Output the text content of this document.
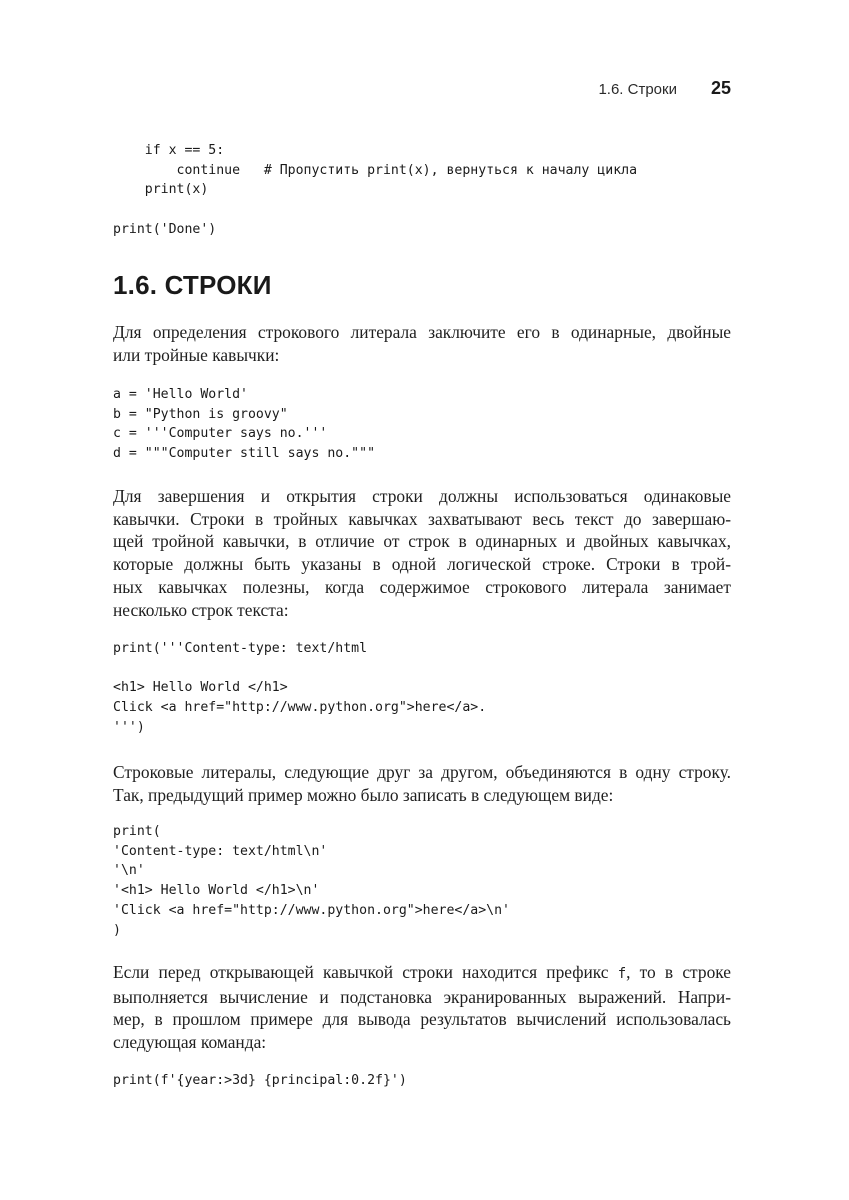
1.6. Строки 25
if x == 5:
continue   # Пропустить print(x), вернуться к началу цикла
print(x)

print('Done')
1.6. СТРОКИ

Для определения строкового литерала заключите его в одинарные, двойные
или тройные кавычки:

a = 'Hello World'
b = "Python is groovy"
c = '''Computer says no.'''
d = """Computer still says no."""

Для завершения и открытия строки должны использоваться одинаковые
кавычки. Строки в тройных кавычках захватывают весь текст до завершаю-
щей тройной кавычки, в отличие от строк в одинарных и двойных кавычках,
которые должны быть указаны в одной логической строке. Строки в трой-
ных кавычках полезны, когда содержимое строкового литерала занимает
несколько строк текста:

print('''Content-type: text/html

<h1> Hello World </h1>
Click <a href="http://www.python.org">here</a>.
''')

Строковые литералы, следующие друг за другом, объединяются в одну строку.
Так, предыдущий пример можно было записать в следующем виде:

print(
'Content-type: text/html\n'
'\n'
'<h1> Hello World </h1>\n'
'Click <a href="http://www.python.org">here</a>\n'
)

Если перед открывающей кавычкой строки находится префикс f, то в строке
выполняется вычисление и подстановка экранированных выражений. Напри-
мер, в прошлом примере для вывода результатов вычислений использовалась
следующая команда:

print(f'{year:>3d} {principal:0.2f}')
